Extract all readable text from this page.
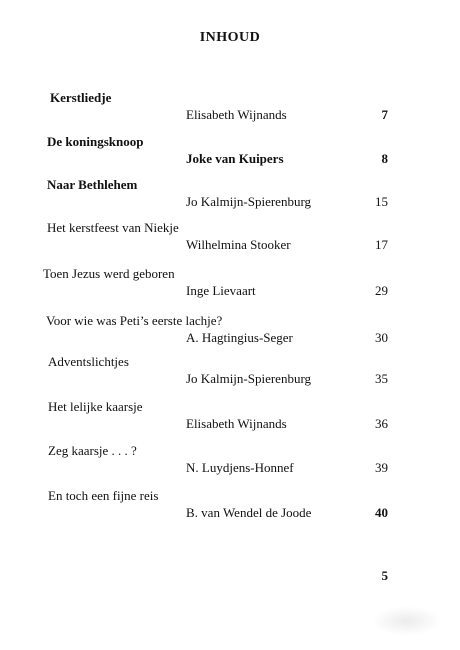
INHOUD
Kerstliedje
Elisabeth Wijnands	7
De koningsknoop
Joke van Kuipers	8
Naar Bethlehem
Jo Kalmijn-Spierenburg	15
Het kerstfeest van Niekje
Wilhelmina Stooker	17
Toen Jezus werd geboren
Inge Lievaart	29
Voor wie was Peti’s eerste lachje?
A. Hagtingius-Seger	30
Adventslichtjes
Jo Kalmijn-Spierenburg	35
Het lelijke kaarsje
Elisabeth Wijnands	36
Zeg kaarsje . . . ?
N. Luydjens-Honnef	39
En toch een fijne reis
B. van Wendel de Joode	40
5
